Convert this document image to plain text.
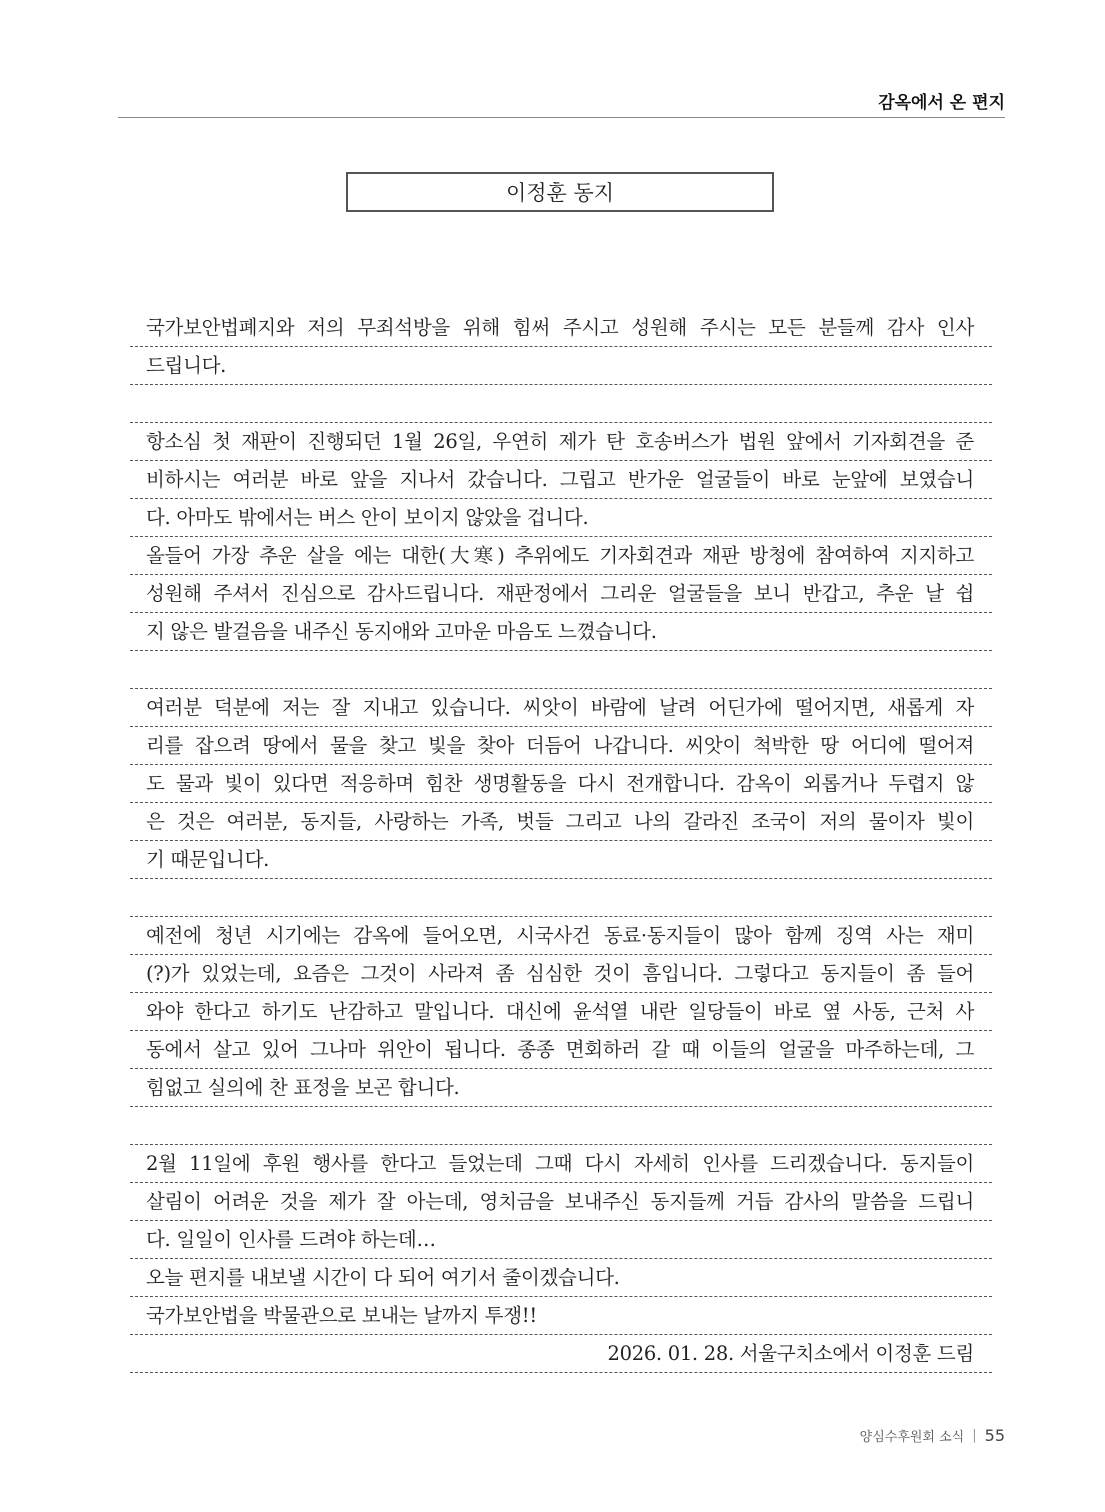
감옥에서 온 편지
이정훈 동지
국가보안법폐지와 저의 무죄석방을 위해 힘써 주시고 성원해 주시는 모든 분들께 감사 인사
드립니다.
항소심 첫 재판이 진행되던 1월 26일, 우연히 제가 탄 호송버스가 법원 앞에서 기자회견을 준
비하시는 여러분 바로 앞을 지나서 갔습니다. 그립고 반가운 얼굴들이 바로 눈앞에 보였습니
다. 아마도 밖에서는 버스 안이 보이지 않았을 겁니다.
올들어 가장 추운 살을 에는 대한(大寒) 추위에도 기자회견과 재판 방청에 참여하여 지지하고
성원해 주셔서 진심으로 감사드립니다. 재판정에서 그리운 얼굴들을 보니 반갑고, 추운 날 쉽
지 않은 발걸음을 내주신 동지애와 고마운 마음도 느꼈습니다.
여러분 덕분에 저는 잘 지내고 있습니다. 씨앗이 바람에 날려 어딘가에 떨어지면, 새롭게 자
리를 잡으려 땅에서 물을 찾고 빛을 찾아 더듬어 나갑니다. 씨앗이 척박한 땅 어디에 떨어져
도 물과 빛이 있다면 적응하며 힘찬 생명활동을 다시 전개합니다. 감옥이 외롭거나 두렵지 않
은 것은 여러분, 동지들, 사랑하는 가족, 벗들 그리고 나의 갈라진 조국이 저의 물이자 빛이
기 때문입니다.
예전에 청년 시기에는 감옥에 들어오면, 시국사건 동료·동지들이 많아 함께 징역 사는 재미
(?)가 있었는데, 요즘은 그것이 사라져 좀 심심한 것이 흠입니다. 그렇다고 동지들이 좀 들어
와야 한다고 하기도 난감하고 말입니다. 대신에 윤석열 내란 일당들이 바로 옆 사동, 근처 사
동에서 살고 있어 그나마 위안이 됩니다. 종종 면회하러 갈 때 이들의 얼굴을 마주하는데, 그
힘없고 실의에 찬 표정을 보곤 합니다.
2월 11일에 후원 행사를 한다고 들었는데 그때 다시 자세히 인사를 드리겠습니다. 동지들이
살림이 어려운 것을 제가 잘 아는데, 영치금을 보내주신 동지들께 거듭 감사의 말씀을 드립니
다. 일일이 인사를 드려야 하는데…
오늘 편지를 내보낼 시간이 다 되어 여기서 줄이겠습니다.
국가보안법을 박물관으로 보내는 날까지 투쟁!!
2026. 01. 28. 서울구치소에서 이정훈 드림
양심수후원회 소식 | 55
